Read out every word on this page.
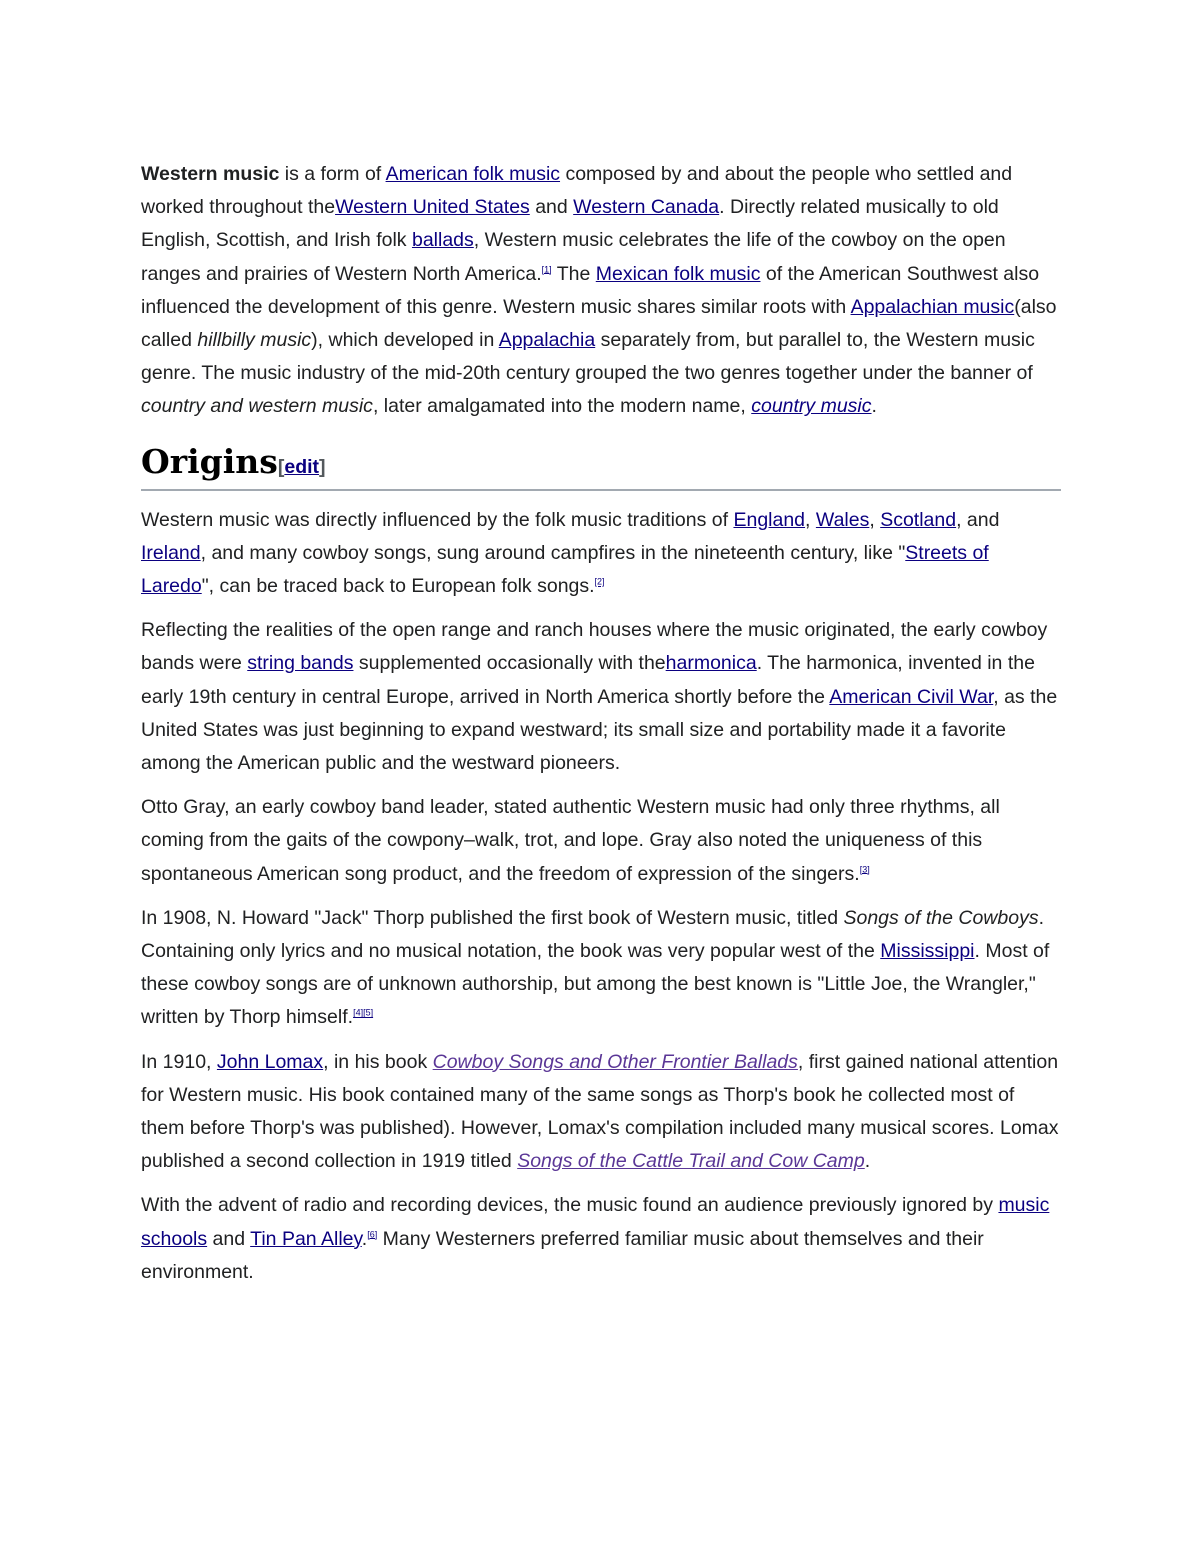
Western music is a form of American folk music composed by and about the people who settled and worked throughout theWestern United States and Western Canada. Directly related musically to old English, Scottish, and Irish folk ballads, Western music celebrates the life of the cowboy on the open ranges and prairies of Western North America.[1] The Mexican folk music of the American Southwest also influenced the development of this genre. Western music shares similar roots with Appalachian music(also called hillbilly music), which developed in Appalachia separately from, but parallel to, the Western music genre. The music industry of the mid-20th century grouped the two genres together under the banner of country and western music, later amalgamated into the modern name, country music.

Origins[edit]

Western music was directly influenced by the folk music traditions of England, Wales, Scotland, and Ireland, and many cowboy songs, sung around campfires in the nineteenth century, like "Streets of Laredo", can be traced back to European folk songs.[2]

Reflecting the realities of the open range and ranch houses where the music originated, the early cowboy bands were string bands supplemented occasionally with theharmonica. The harmonica, invented in the early 19th century in central Europe, arrived in North America shortly before the American Civil War, as the United States was just beginning to expand westward; its small size and portability made it a favorite among the American public and the westward pioneers.

Otto Gray, an early cowboy band leader, stated authentic Western music had only three rhythms, all coming from the gaits of the cowpony–walk, trot, and lope. Gray also noted the uniqueness of this spontaneous American song product, and the freedom of expression of the singers.[3]

In 1908, N. Howard "Jack" Thorp published the first book of Western music, titled Songs of the Cowboys. Containing only lyrics and no musical notation, the book was very popular west of the Mississippi. Most of these cowboy songs are of unknown authorship, but among the best known is "Little Joe, the Wrangler," written by Thorp himself.[4][5]

In 1910, John Lomax, in his book Cowboy Songs and Other Frontier Ballads, first gained national attention for Western music. His book contained many of the same songs as Thorp's book he collected most of them before Thorp's was published). However, Lomax's compilation included many musical scores. Lomax published a second collection in 1919 titled Songs of the Cattle Trail and Cow Camp.

With the advent of radio and recording devices, the music found an audience previously ignored by music schools and Tin Pan Alley.[6] Many Westerners preferred familiar music about themselves and their environment.
